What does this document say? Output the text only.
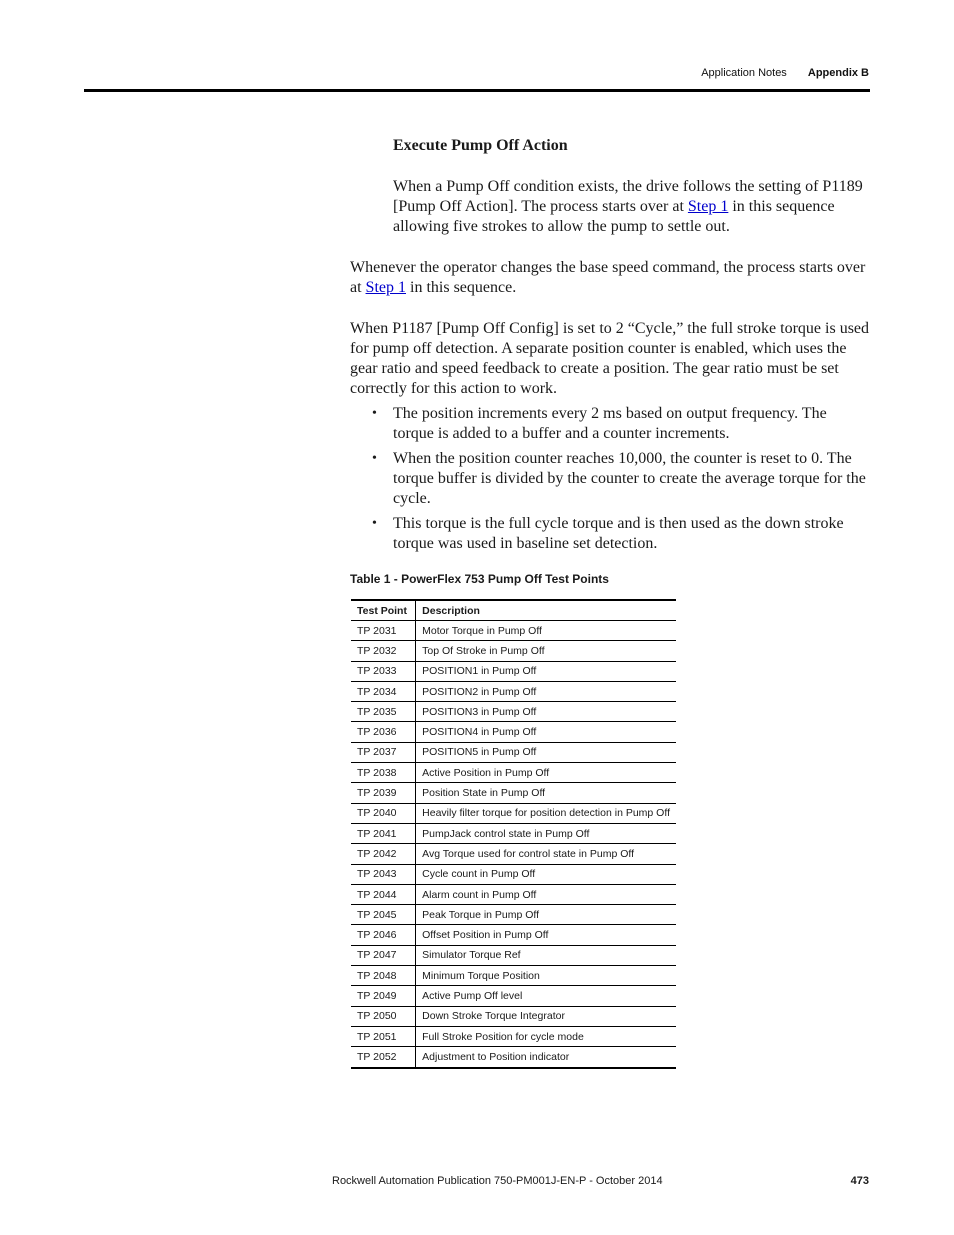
Application Notes Appendix B
Execute Pump Off Action
When a Pump Off condition exists, the drive follows the setting of P1189 [Pump Off Action]. The process starts over at Step 1 in this sequence allowing five strokes to allow the pump to settle out.
Whenever the operator changes the base speed command, the process starts over at Step 1 in this sequence.
When P1187 [Pump Off Config] is set to 2 “Cycle,” the full stroke torque is used for pump off detection. A separate position counter is enabled, which uses the gear ratio and speed feedback to create a position. The gear ratio must be set correctly for this action to work.
• The position increments every 2 ms based on output frequency. The torque is added to a buffer and a counter increments.
• When the position counter reaches 10,000, the counter is reset to 0. The torque buffer is divided by the counter to create the average torque for the cycle.
• This torque is the full cycle torque and is then used as the down stroke torque was used in baseline set detection.
Table 1 - PowerFlex 753 Pump Off Test Points
Test Point	Description
TP 2031	Motor Torque in Pump Off
TP 2032	Top Of Stroke in Pump Off
TP 2033	POSITION1 in Pump Off
TP 2034	POSITION2 in Pump Off
TP 2035	POSITION3 in Pump Off
TP 2036	POSITION4 in Pump Off
TP 2037	POSITION5 in Pump Off
TP 2038	Active Position in Pump Off
TP 2039	Position State in Pump Off
TP 2040	Heavily filter torque for position detection in Pump Off
TP 2041	PumpJack control state in Pump Off
TP 2042	Avg Torque used for control state in Pump Off
TP 2043	Cycle count in Pump Off
TP 2044	Alarm count in Pump Off
TP 2045	Peak Torque in Pump Off
TP 2046	Offset Position in Pump Off
TP 2047	Simulator Torque Ref
TP 2048	Minimum Torque Position
TP 2049	Active Pump Off level
TP 2050	Down Stroke Torque Integrator
TP 2051	Full Stroke Position for cycle mode
TP 2052	Adjustment to Position indicator
Rockwell Automation Publication 750-PM001J-EN-P - October 2014	473
